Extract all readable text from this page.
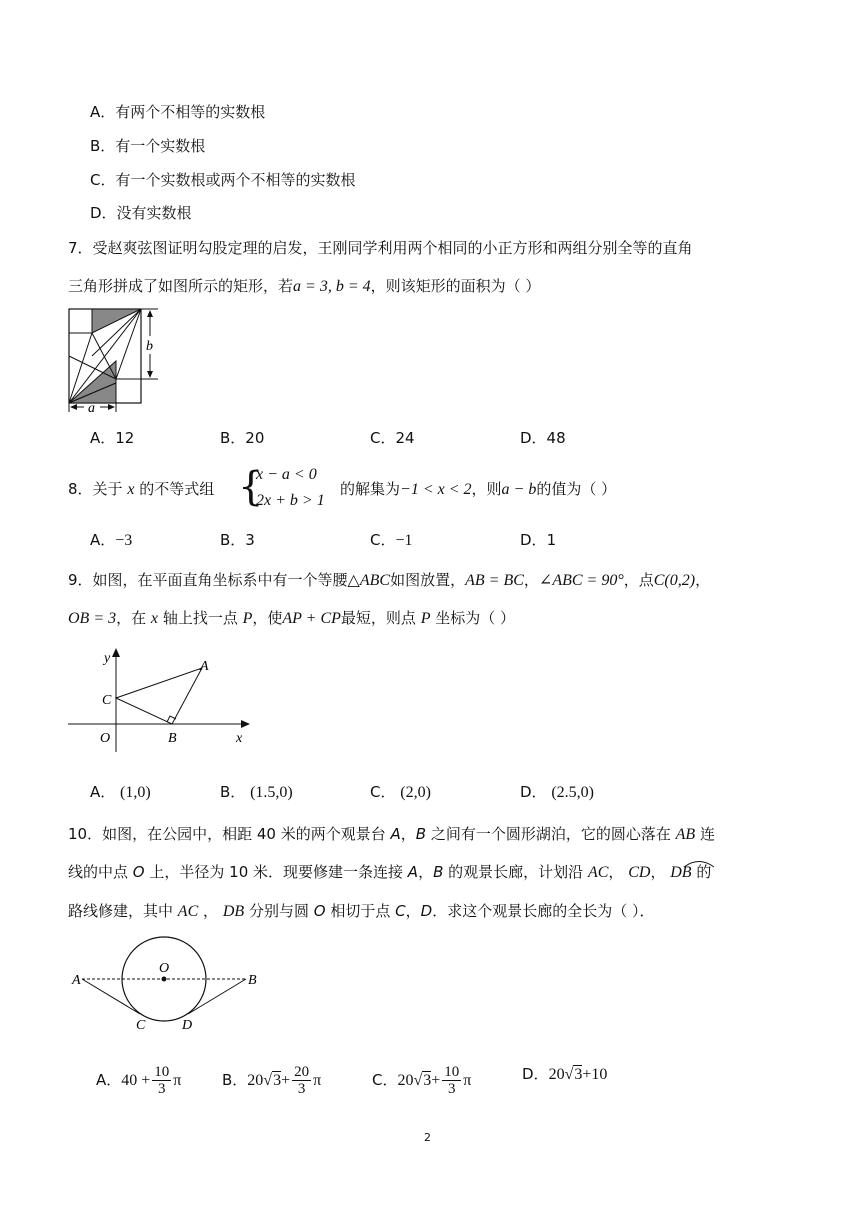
A．有两个不相等的实数根
B．有一个实数根
C．有一个实数根或两个不相等的实数根
D．没有实数根
7．受赵爽弦图证明勾股定理的启发，王刚同学利用两个相同的小正方形和两组分别全等的直角
三角形拼成了如图所示的矩形，若a = 3, b = 4，则该矩形的面积为（ ）
b
a
A．12	B．20	C．24	D．48
8．关于 x 的不等式组 {
x − a < 0
2x + b > 1
的解集为−1 < x < 2，则a − b的值为（ ）
A．−3	B．3	C．−1	D．1
9．如图，在平面直角坐标系中有一个等腰△ABC如图放置，AB = BC，∠ABC = 90°，点C(0,2)，
OB = 3，在 x 轴上找一点 P，使AP + CP最短，则点 P 坐标为（ ）
y
x
A
B
C
O
A． (1,0)	B． (1.5,0)	C． (2,0)	D． (2.5,0)
10．如图，在公园中，相距 40 米的两个观景台 A，B 之间有一个圆形湖泊，它的圆心落在 AB 连
线的中点 O 上，半径为 10 米．现要修建一条连接 A，B 的观景长廊，计划沿 AC， CD， DB 的
路线修建，其中 AC ， DB 分别与圆 O 相切于点 C，D．求这个观景长廊的全长为（ ）．
A	B
O
C	D
A．$40 + \frac{10}{3}$ π	B．$20√3+ \frac{20}{3}$ π	C．$20√3+ \frac{10}{3}$ π	D．20√3+10
2
